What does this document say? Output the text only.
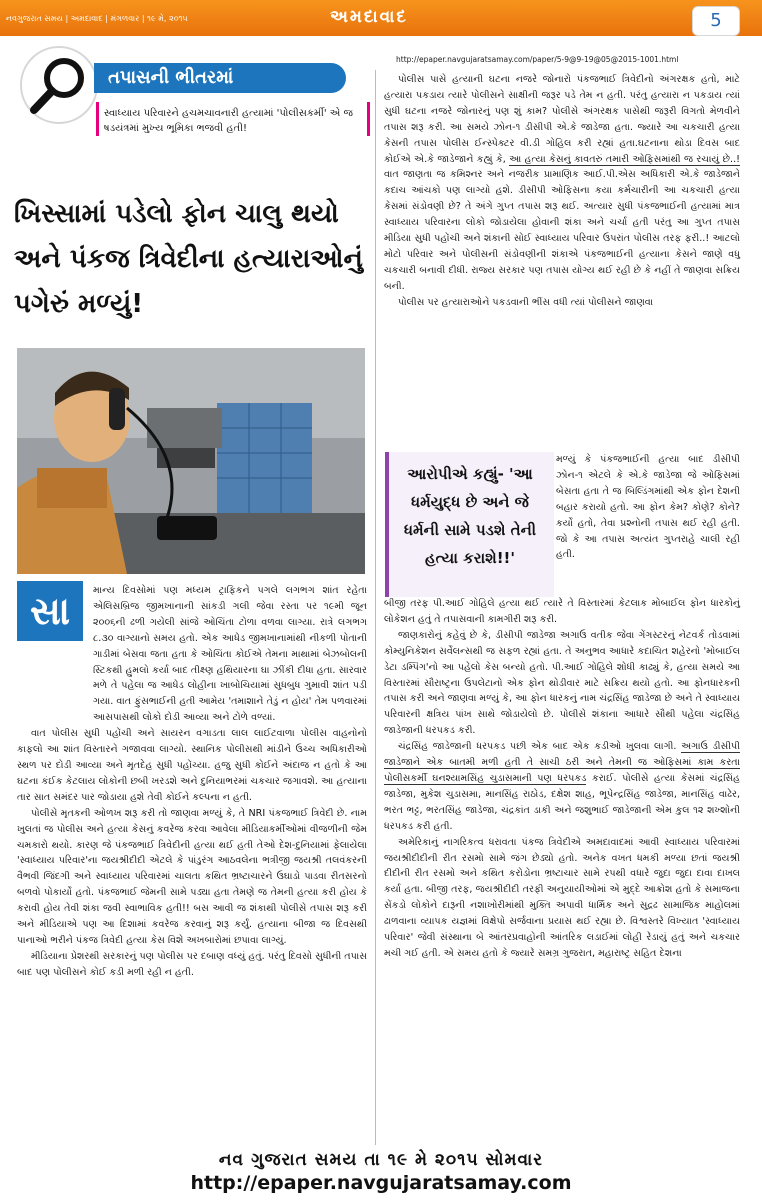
નવગુજરાત સમય | અમદાવાદ | મંગળવાર | ૧૯ મે, ૨૦૧૫	અમદાવાદ	5
http://epaper.navgujaratsamay.com/paper/5-9@9-19@05@2015-1001.html
તપાસની ભીતરમાં
સ્વાધ્યાય પરિવારને હચમચાવનારી હત્યામાં 'પોલીસકર્મી' એ જ ષડયંત્રમાં મુખ્ય ભૂમિકા ભજવી હતી!
ખિસ્સામાં પડેલો ફોન ચાલુ થયો અને પંકજ ત્રિવેદીના હત્યારાઓનું પગેરું મળ્યું!
સા	માન્ય દિવસોમાં પણ મધ્યમ ટ્રાફિકને પગલે લગભગ શાંત રહેતા એલિસબ્રિજ જીમખાનાની સાંકડી ગલી જેવા રસ્તા પર ૧૯મી જૂન ૨૦૦૬ની ઢળી ગયેલી સાંજે ઓચિંતા ટોળા વળવા લાગ્યા. રાત્રે લગભગ ૮.૩૦ વાગ્યાનો સમય હતો. એક આધેડ જીમખાનામાંથી નીકળી પોતાની ગાડીમાં બેસવા જતા હતા કે ઓચિંતા કોઈએ તેમના માથામાં બેઝબોલની સ્ટિકથી હુમલો કર્યા બાદ તીક્ષ્ણ હથિયારના ઘા ઝીંકી દીધા હતા. સારવાર મળે તે પહેલા જ આધેડ લોહીના ખાબોચિયામાં સુધબુધ ગુમાવી શાંત પડી ગયા. વાત ફુંસભાઈની હતી આમેય 'તમાશાને તેડું ન હોય' તેમ પળવારમાં આસપાસથી લોકો દોડી આવ્યા અને ટોળે વળ્યાં.

વાત પોલીસ સુધી પહોંચી અને સાયરન વગાડતા લાલ લાઈટવાળા પોલીસ વાહનોનો કાફલો આ શાંત વિસ્તારને ગજાવવા લાગ્યો. સ્થાનિક પોલીસથી માંડીને ઉચ્ચ અધિકારીઓ સ્થળ પર દોડી આવ્યા અને મૃતદેહ સુધી પહોંચ્યા. હજુ સુધી કોઈને અંદાજ ન હતો કે આ ઘટના કંઈક કેટલાય લોકોની છબી ખરડશે અને દુનિયાભરમાં ચકચાર જગાવશે. આ હત્યાના તાર સાત સમંદર પાર જોડાયા હશે તેવી કોઈને કલ્પના ન હતી.

પોલીસે મૃતકની ઓળખ શરૂ કરી તો જાણવા મળ્યું કે, તે NRI પંકજભાઈ ત્રિવેદી છે. નામ ખુલતાં જ પોલીસ અને હત્યા કેસનું કવરેજ કરવા આવેલા મીડિયાકર્મીઓમાં વીજળીની જેમ ચમકારો થયો. કારણ જે પંકજભાઈ ત્રિવેદીની હત્યા થઈ હતી તેઓ દેશ-દુનિયામાં ફેલાયેલા 'સ્વાધ્યાય પરિવાર'ના જયશ્રીદીદી એટલે કે પાંડુરંગ આઠવલેના ભત્રીજી જયશ્રી તલવંકરની વૈભવી જિંદગી અને સ્વાધ્યાય પરિવારમાં ચાલતા કથિત ભ્રષ્ટાચારને ઉઘાડો પાડવા રીતસરનો બળવો પોકાર્યો હતો. પંકજભાઈ જેમની સામે પડ્યા હતા તેમણે જ તેમની હત્યા કરી હોય કે કરાવી હોય તેવી શંકા જવી સ્વાભાવિક હતી!! બસ આવી જ શંકાથી પોલીસે તપાસ શરૂ કરી અને મીડિયાએ પણ આ દિશામાં કવરેજ કરવાનું શરૂ કર્યું. હત્યાના બીજા જ દિવસથી પાનાઓ ભરીને પંકજ ત્રિવેદી હત્યા કેસ વિશે અખબારોમાં છપાવા લાગ્યું.

મીડિયાના પ્રેશરથી સરકારનું પણ પોલીસ પર દબાણ વધ્યું હતું. પરંતુ દિવસો સુધીની તપાસ બાદ પણ પોલીસને કોઈ કડી મળી રહી ન હતી.

પોલીસ પાસે હત્યાની ઘટના નજરે જોનારો પંકજભાઈ ત્રિવેદીનો અંગરક્ષક હતો, માટે હત્યારા પકડાય ત્યારે પોલીસને સાક્ષીની જરૂર પડે તેમ ન હતી. પરંતુ હત્યારા ન પકડાય ત્યાં સુધી ઘટના નજરે જોનારનું પણ શું કામ? પોલીસે અંગરક્ષક પાસેથી જરૂરી વિગતો મેળવીને તપાસ શરૂ કરી. આ સમયે ઝોન-૧ ડીસીપી એ.કે જાડેજા હતા. જ્યારે આ ચકચારી હત્યા કેસની તપાસ પોલીસ ઈન્સ્પેક્ટર વી.ડી ગોહિલ કરી રહ્યાં હતા.ઘટનાના થોડા દિવસ બાદ કોઈએ એ.કે જાડેજાને કહ્યું કે, આ હત્યા કેસનું કાવતરું તમારી ઓફિસમાંથી જ રચાયું છે..! વાત જાણતા જ કમિશ્નર અને નજરીક પ્રામાણિક આઈ.પી.એસ અધિકારી એ.કે જાડેજાને કદાચ આંચકો પણ લાગ્યો હશે. ડીસીપી ઓફિસના કયા કર્મચારીની આ ચકચારી હત્યા કેસમાં સંડોવણી છે? તે અંગે ગુપ્ત તપાસ શરૂ થઈ. અત્યાર સુધી પંકજભાઈની હત્યામાં માત્ર સ્વાધ્યાય પરિવારના લોકો જોડાયેલા હોવાની શંકા અને ચર્ચા હતી પરંતુ આ ગુપ્ત તપાસ મીડિયા સુધી પહોંચી અને શંકાની સોઈ સ્વાધ્યાય પરિવાર ઉપરાંત પોલીસ તરફ ફરી..! આટલો મોટો પરિવાર અને પોલીસની સંડોવણીની શંકાએ પંકજભાઈની હત્યાના કેસને જાણે વધુ ચકચારી બનાવી દીધી. રાજ્ય સરકાર પણ તપાસ યોગ્ય થઈ રહી છે કે નહીં તે જાણવા સક્રિય બની.

પોલીસ પર હત્યારાઓને પકડવાની ભીંસ વધી ત્યાં પોલીસને જાણવા

આરોપીએ કહ્યું- 'આ ધર્મયુદ્ધ છે અને જે ધર્મની સામે પડશે તેની હત્યા કરાશે!!'

મળ્યું કે પંકજભાઈની હત્યા બાદ ડીસીપી ઝોન-૧ એટલે કે એ.કે જાડેજા જે ઓફિસમાં બેસતા હતા તે જ બિલ્ડિંગમાંથી એક ફોન દેશની બહાર કરાયો હતો. આ ફોન કેમ? કોણે? કોને? કર્યો હતો, તેવા પ્રશ્નોની તપાસ થઈ રહી હતી. જો કે આ તપાસ અત્યંત ગુપ્તરાહે ચાલી રહી હતી.

બીજી તરફ પી.આઈ ગોહિલે હત્યા થઈ ત્યારે તે વિસ્તારમાં કેટલાક મોબાઈલ ફોન ધારકોનું લોકેશન હતું તે તપાસવાની કામગીરી શરૂ કરી.

જાણકારોનું કહેવું છે કે, ડીસીપી જાડેજા અગાઉ વતીક જેવા ગેંગસ્ટરનું નેટવર્ક તોડવામાં કોમ્યુનિકેશન સર્વેલન્સથી જ સફળ રહ્યાં હતા. તે અનુભવ આધારે કદાચિત શહેરનો 'મોબાઈલ ડેટા ડમ્પિંગ'નો આ પહેલો કેસ બન્યો હતો. પી.આઈ ગોહિલે શોધી કાઢ્યું કે, હત્યા સમયે આ વિસ્તારમાં સૌરાષ્ટ્રના ઉપલેટાનો એક ફોન થોડીવાર માટે સક્રિય થયો હતો. આ ફોનધારકની તપાસ કરી અને જાણવા મળ્યું કે, આ ફોન ધારકનું નામ ચંદ્રસિંહ જાડેજા છે અને તે સ્વાધ્યાય પરિવારની ક્ષત્રિય પાંખ સાથે જોડાયેલો છે. પોલીસે શંકાના આધારે સૌથી પહેલા ચંદ્રસિંહ જાડેજાની ધરપકડ કરી.

ચંદ્રસિંહ જાડેજાની ધરપકડ પછી એક બાદ એક કડીઓ ખુલવા લાગી. અગાઉ ડીસીપી જાડેજાને એક બાતમી મળી હતી તે સાચી ઠરી અને તેમની જ ઓફિસમાં કામ કરતા પોલીસકર્મી ઘનશ્યામસિંહ ચુડાસમાની પણ ધરપકડ કરાઈ. પોલીસે હત્યા કેસમાં ચંદ્રસિંહ જાડેજા, મુકેશ ચુડાસમા, માનસિંહ રાઠોડ, દક્ષેશ શાહ, ભૂપેન્દ્રસિંહ જાડેજા, માનસિંહ વાઢેર, ભરત ભટ્ટ, ભરતસિંહ જાડેજા, ચંદ્રકાંત ડાકી અને જશુભાઈ જાડેજાની એમ કુલ ૧૨ શખ્શોની ધરપકડ કરી હતી.

અમેરિકાનું નાગરિકત્વ ધરાવતા પંકજ ત્રિવેદીએ અમદાવાદમાં આવી સ્વાધ્યાય પરિવારમાં જયશ્રીદીદીની રીત રસમો સામે જંગ છેડ્યો હતો. અનેક વખત ધમકી મળ્યા છતાં જયશ્રી દીદીની રીત રસમો અને કથિત કરોડોના ભ્રષ્ટાચાર સામે રપથી વધારે જુદા જુદા દાવા દાખલ કર્યા હતા. બીજી તરફ, જયશ્રીદીદી તરફી અનુયાયીઓમાં એ મુદ્દે આક્રોશ હતો કે સમાજના સેંકડો લોકોને દારૂની નશાખોરીમાંથી મુક્તિ અપાવી ધાર્મિક અને સુદ્રઢ સામાજિક માહોલમાં ઢાળવાના વ્યાપક યજ્ઞમાં વિક્ષેપો સર્જવાના પ્રયાસ થઈ રહ્યા છે. વિશ્વસ્તરે વિખ્યાત 'સ્વાધ્યાય પરિવાર' જેવી સંસ્થાના બે આંતરપ્રવાહોની આંતરિક લડાઈમાં લોહી રેડાયું હતું અને ચકચાર મચી ગઈ હતી. એ સમય હતો કે જ્યારે સમગ્ર ગુજરાત, મહારાષ્ટ્ર સહિત દેશના

નવ ગુજરાત સમય તા ૧૯ મે ૨૦૧૫ સોમવાર
http://epaper.navgujaratsamay.com
